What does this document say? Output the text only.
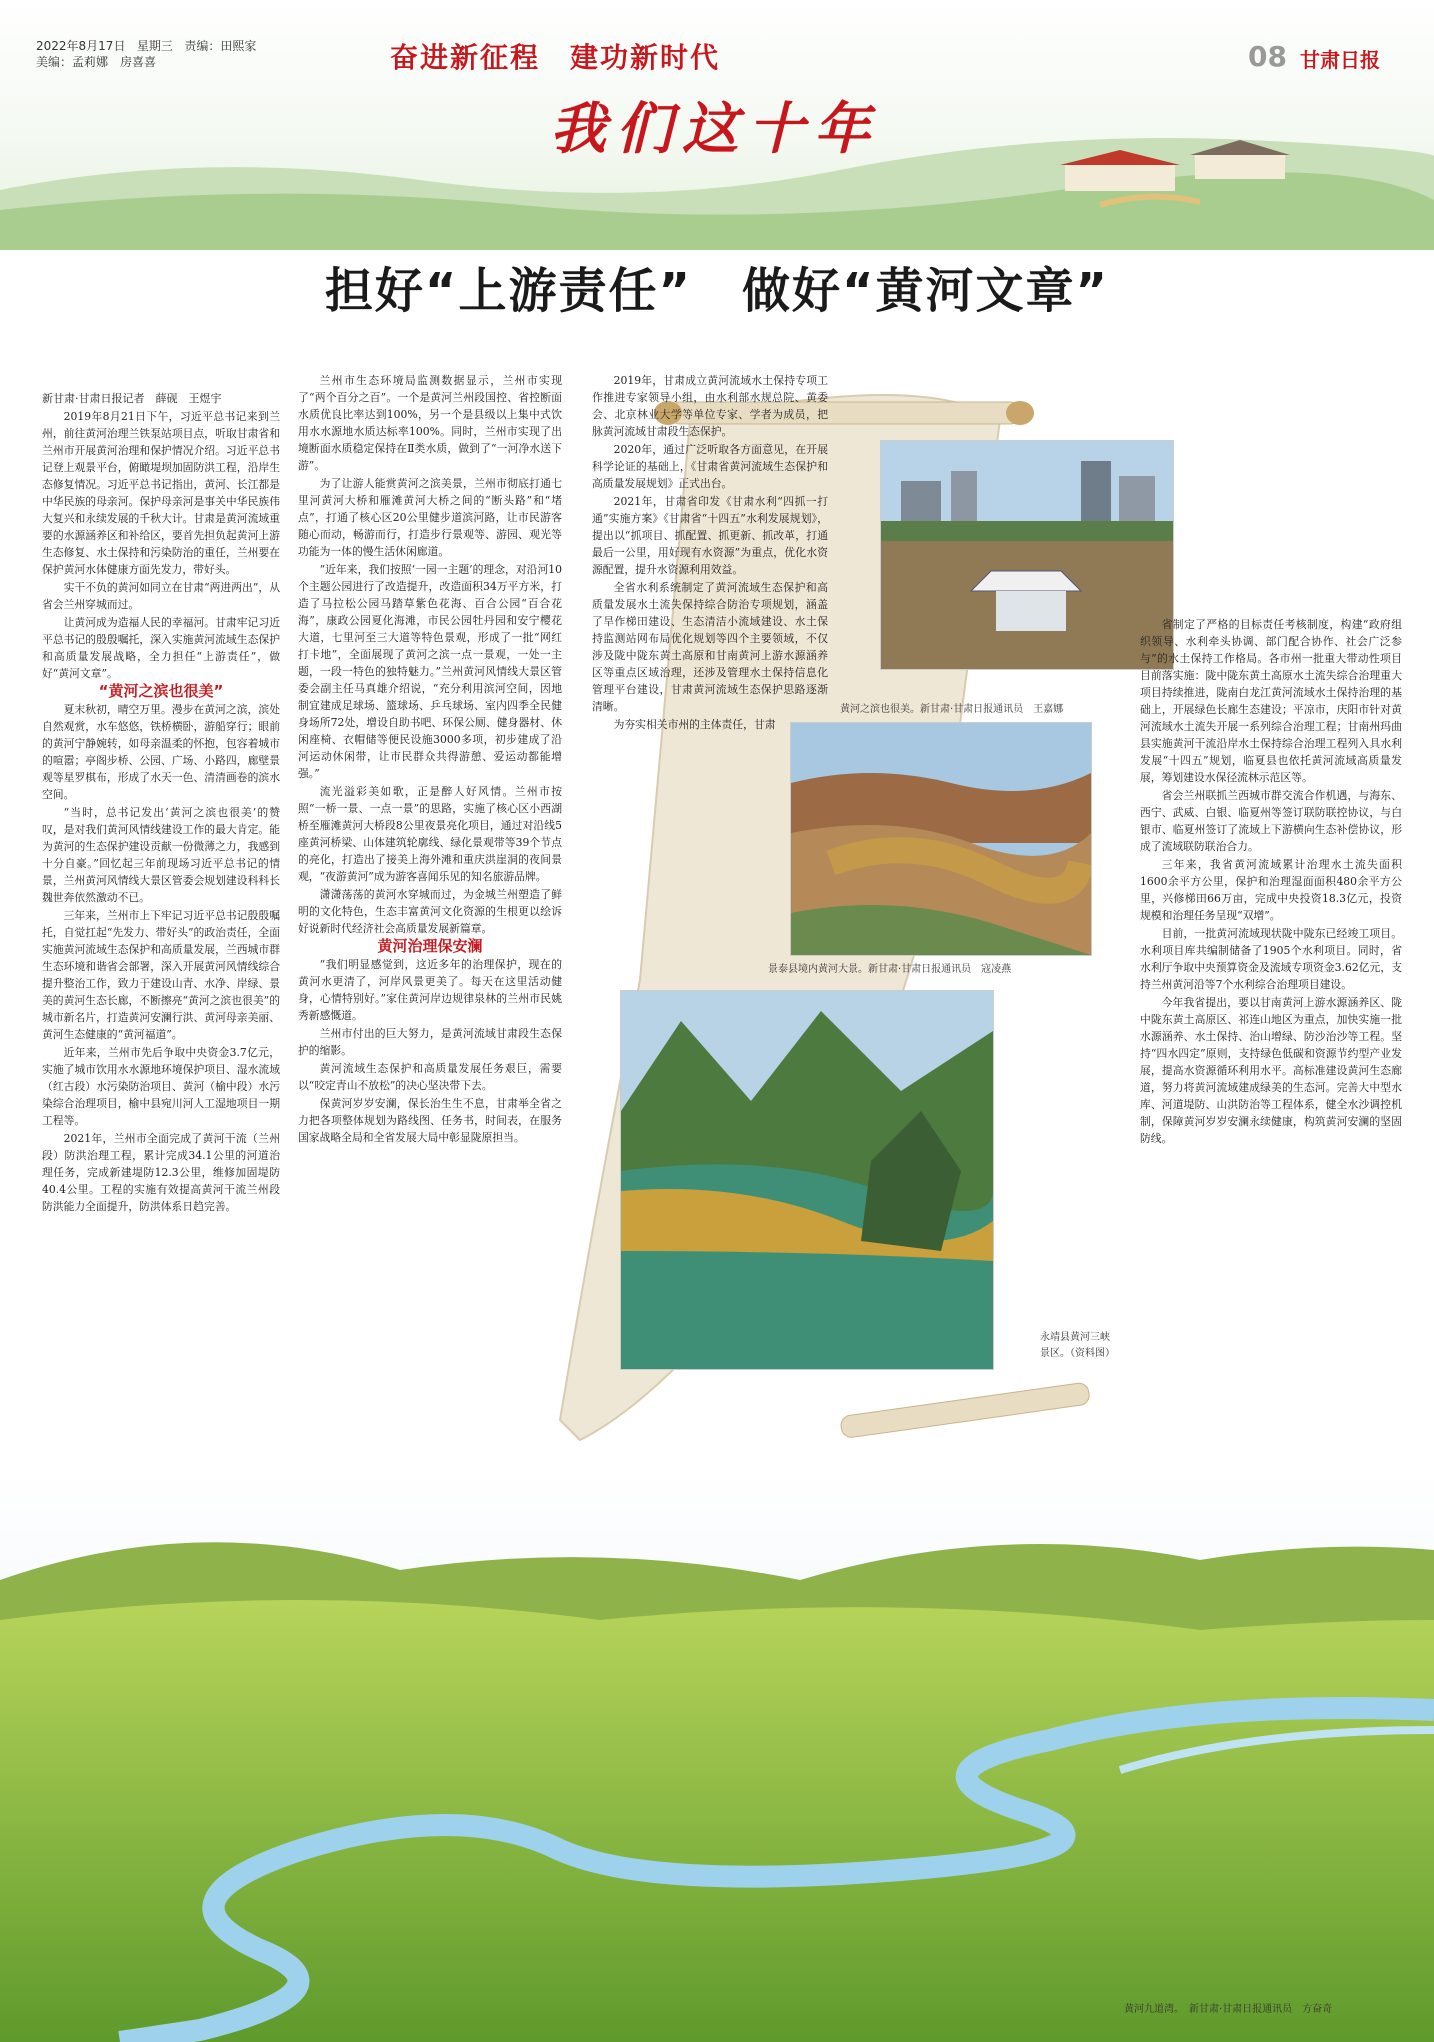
2022年8月17日 星期三 责编：田熙家
美编：孟莉娜　房喜喜	奋进新征程　建功新时代
我们这十年
08 甘肃日报
担好“上游责任”　做好“黄河文章”
黄河之滨也很美。新甘肃·甘肃日报通讯员　王嘉娜
景泰县境内黄河大景。新甘肃·甘肃日报通讯员　寇凌燕
永靖县黄河三峡景区。（资料图）

新甘肃·甘肃日报记者　薛砚　王煜宇

2019年8月21日下午，习近平总书记来到兰州，前往黄河治理兰铁泵站项目点，听取甘肃省和兰州市开展黄河治理和保护情况介绍。习近平总书记登上观景平台，俯瞰堤坝加固防洪工程，沿岸生态修复情况。习近平总书记指出，黄河、长江都是中华民族的母亲河。保护母亲河是事关中华民族伟大复兴和永续发展的千秋大计。甘肃是黄河流域重要的水源涵养区和补给区，要首先担负起黄河上游生态修复、水土保持和污染防治的重任，兰州要在保护黄河水体健康方面先发力，带好头。

实干不负的黄河如同立在甘肃“两进两出”，从省会兰州穿城而过。

让黄河成为造福人民的幸福河。甘肃牢记习近平总书记的殷殷嘱托，深入实施黄河流域生态保护和高质量发展战略，全力担任“上游责任”，做好“黄河文章”。

“黄河之滨也很美”

夏末秋初，晴空万里。漫步在黄河之滨，滨处自然观赏，水车悠悠，铁桥横卧，游船穿行；眼前的黄河宁静婉转，如母亲温柔的怀抱，包容着城市的喧嚣；亭阁步桥、公园、广场、小路四，廊壁景观等星罗棋布，形成了水天一色、清清画卷的滨水空间。

“当时，总书记发出‘黄河之滨也很美’的赞叹，是对我们黄河风情线建设工作的最大肯定。能为黄河的生态保护建设贡献一份微薄之力，我感到十分自豪。”回忆起三年前现场习近平总书记的情景，兰州黄河风情线大景区管委会规划建设科科长魏世奔依然激动不已。

三年来，兰州市上下牢记习近平总书记殷殷嘱托，自觉扛起“先发力、带好头”的政治责任，全面实施黄河流域生态保护和高质量发展，兰西城市群生态环境和谐省会部署，深入开展黄河风情线综合提升整治工作，致力于建设山青、水净、岸绿、景美的黄河生态长廊，不断擦亮“黄河之滨也很美”的城市新名片，打造黄河安澜行洪、黄河母亲美丽、黄河生态健康的“黄河福道”。

近年来，兰州市先后争取中央资金3.7亿元，实施了城市饮用水水源地环境保护项目、湿水流域（红古段）水污染防治项目、黄河（榆中段）水污染综合治理项目，榆中县宛川河人工湿地项目一期工程等。

2021年，兰州市全面完成了黄河干流（兰州段）防洪治理工程，累计完成34.1公里的河道治理任务，完成新建堤防12.3公里，维修加固堤防40.4公里。工程的实施有效提高黄河干流兰州段防洪能力全面提升，防洪体系日趋完善。

兰州市生态环境局监测数据显示，兰州市实现了“两个百分之百”。一个是黄河兰州段国控、省控断面水质优良比率达到100%，另一个是县级以上集中式饮用水水源地水质达标率100%。同时，兰州市实现了出境断面水质稳定保持在Ⅱ类水质，做到了“一河净水送下游”。

为了让游人能赏黄河之滨美景，兰州市彻底打通七里河黄河大桥和雁滩黄河大桥之间的“断头路”和“堵点”，打通了核心区20公里健步道滨河路，让市民游客随心而动，畅游而行，打造步行景观等、游园、观光等功能为一体的慢生活休闲廊道。

“近年来，我们按照‘一园一主题’的理念，对沿河10个主题公园进行了改造提升，改造面积34万平方米，打造了马拉松公园马踏草紫色花海、百合公园“百合花海”，康政公园夏化海滩，市民公园牡丹园和安宁樱花大道，七里河至三大道等特色景观，形成了一批“网红打卡地”，全面展现了黄河之滨一点一景观，一处一主题，一段一特色的独特魅力。”兰州黄河风情线大景区管委会副主任马真雄介绍说，“充分利用滨河空间，因地制宜建成足球场、篮球场、乒乓球场、室内四季全民健身场所72处，增设自助书吧、环保公厕、健身器材、休闲座椅、衣帽储等便民设施3000多项，初步建成了沿河运动休闲带，让市民群众共得游憩、爱运动都能增强。”

流光溢彩美如歌，正是醉人好风情。兰州市按照“一桥一景、一点一景”的思路，实施了核心区小西湖桥至雁滩黄河大桥段8公里夜景亮化项目，通过对沿线5座黄河桥梁、山体建筑轮廓线、绿化景观带等39个节点的亮化，打造出了接美上海外滩和重庆洪崖洞的夜间景观，“夜游黄河”成为游客喜闻乐见的知名旅游品牌。

潇潇荡荡的黄河水穿城而过，为金城兰州塑造了鲜明的文化特色，生态丰富黄河文化资源的生根更以绘诉好说新时代经济社会高质量发展新篇章。

黄河治理保安澜

“我们明显感觉到，这近多年的治理保护，现在的黄河水更清了，河岸风景更美了。每天在这里活动健身，心情特别好。”家住黄河岸边规律泉林的兰州市民姚秀新感慨道。

兰州市付出的巨大努力，是黄河流域甘肃段生态保护的缩影。

黄河流域生态保护和高质量发展任务艰巨，需要以“咬定青山不放松”的决心坚决带下去。

保黄河岁岁安澜，保长治生生不息，甘肃举全省之力把各项整体规划为路线图、任务书，时间表，在服务国家战略全局和全省发展大局中彰显陇原担当。

2019年，甘肃成立黄河流域水土保持专项工作推进专家领导小组，由水利部水规总院、黄委会、北京林业大学等单位专家、学者为成员，把脉黄河流域甘肃段生态保护。

2020年，通过广泛听取各方面意见，在开展科学论证的基础上，《甘肃省黄河流域生态保护和高质量发展规划》正式出台。

2021年，甘肃省印发《甘肃水利“四抓一打通”实施方案》《甘肃省“十四五”水利发展规划》，提出以“抓项目、抓配置、抓更新、抓改革，打通最后一公里，用好现有水资源”为重点，优化水资源配置，提升水资源利用效益。

全省水利系统制定了黄河流域生态保护和高质量发展水土流失保持综合防治专项规划，涵盖了旱作梯田建设、生态清洁小流域建设、水土保持监测站网布局优化规划等四个主要领域，不仅涉及陇中陇东黄土高原和甘南黄河上游水源涵养区等重点区域治理，还涉及管理水土保持信息化管理平台建设，甘肃黄河流域生态保护思路逐渐清晰。

为夯实相关市州的主体责任，甘肃

省制定了严格的目标责任考核制度，构建“政府组织领导、水利牵头协调、部门配合协作、社会广泛参与”的水土保持工作格局。各市州一批重大带动性项目目前落实施：陇中陇东黄土高原水土流失综合治理重大项目持续推进，陇南白龙江黄河流域水土保持治理的基础上，开展绿色长廊生态建设；平凉市，庆阳市针对黄河流域水土流失开展一系列综合治理工程；甘南州玛曲县实施黄河干流沿岸水土保持综合治理工程列入具水利发展“十四五”规划，临夏县也依托黄河流域高质量发展，筹划建设水保径流林示范区等。

省会兰州联抓兰西城市群交流合作机遇，与海东、西宁、武威、白银、临夏州等签订联防联控协议，与白银市、临夏州签订了流域上下游横向生态补偿协议，形成了流域联防联治合力。

三年来，我省黄河流域累计治理水土流失面积1600余平方公里，保护和治理湿面面积480余平方公里，兴修梯田66万亩，完成中央投资18.3亿元，投资规模和治理任务呈现“双增”。

目前，一批黄河流域现状陇中陇东已经竣工项目。水利项目库共编制储备了1905个水利项目。同时，省水利厅争取中央预算资金及流域专项资金3.62亿元，支持兰州黄河沿等7个水利综合治理项目建设。

今年我省提出，要以甘南黄河上游水源涵养区、陇中陇东黄土高原区、祁连山地区为重点，加快实施一批水源涵养、水土保持、治山增绿、防沙治沙等工程。坚持“四水四定”原则，支持绿色低碳和资源节约型产业发展，提高水资源循环利用水平。高标准建设黄河生态廊道，努力将黄河流域建成绿美的生态河。完善大中型水库、河道堤防、山洪防治等工程体系，健全水沙调控机制，保障黄河岁岁安澜永续健康，构筑黄河安澜的坚固防线。

黄河九道湾。　新甘肃·甘肃日报通讯员　方奋奇
